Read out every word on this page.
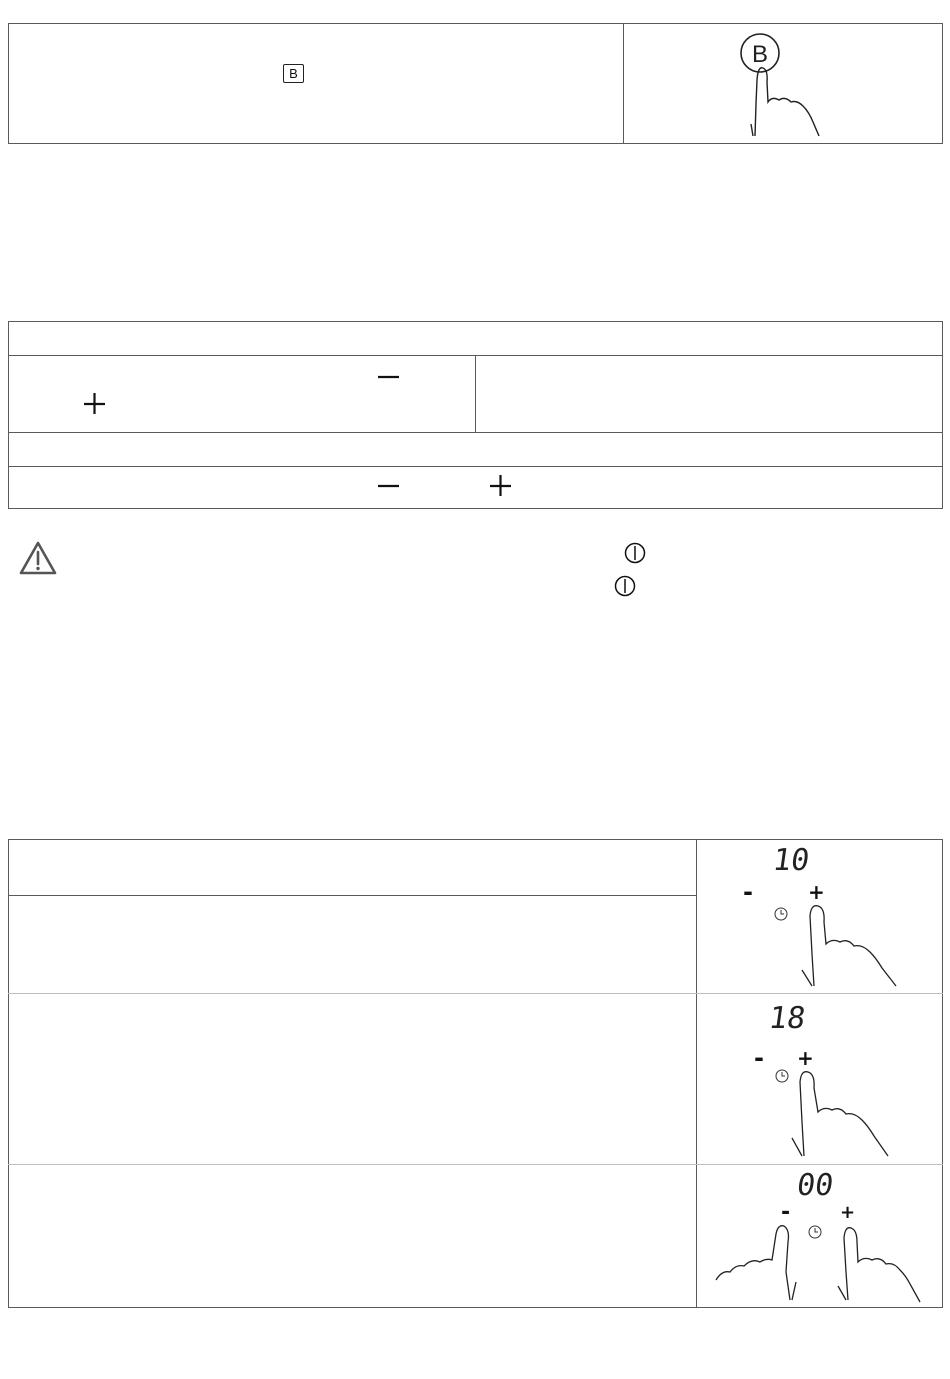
B
B
10
-	+
18
- +
00
-	+
